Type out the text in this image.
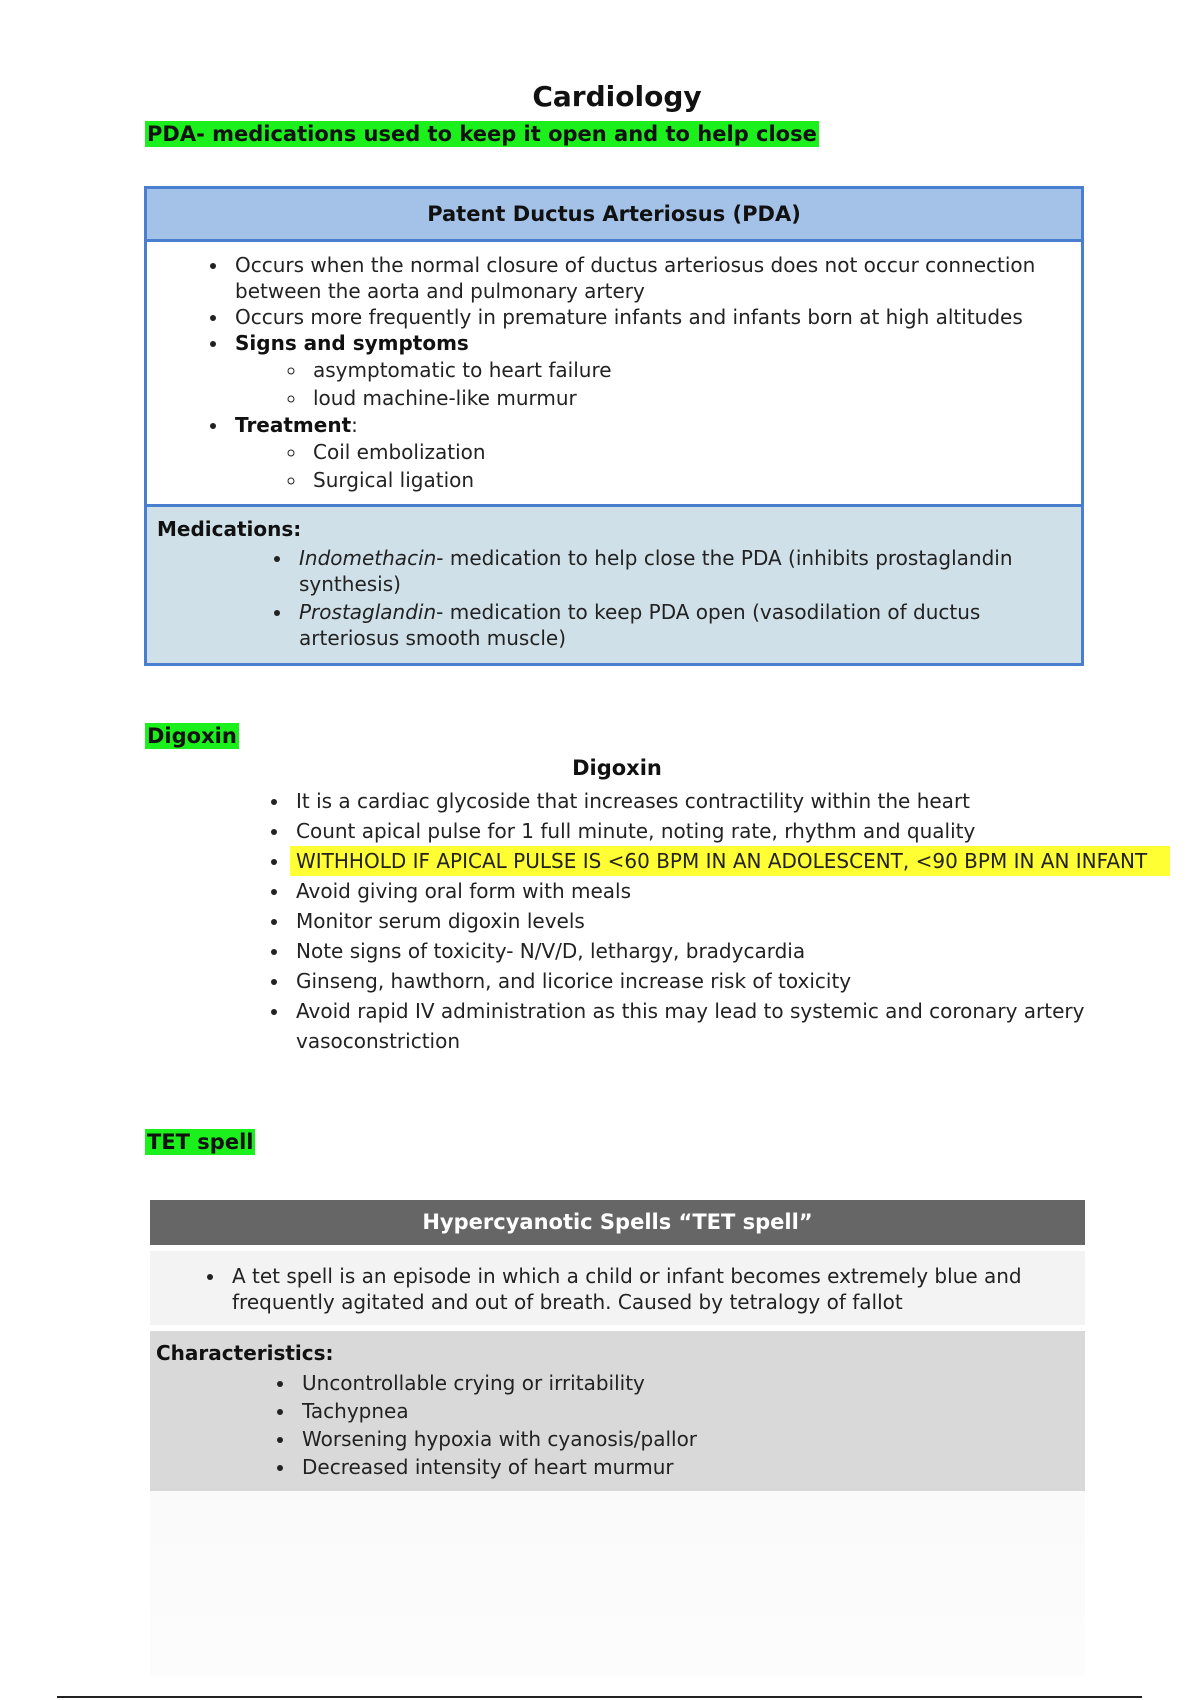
Cardiology
PDA- medications used to keep it open and to help close
Patent Ductus Arteriosus (PDA)
• Occurs when the normal closure of ductus arteriosus does not occur connection between the aorta and pulmonary artery
• Occurs more frequently in premature infants and infants born at high altitudes
• Signs and symptoms
◦ asymptomatic to heart failure
◦ loud machine-like murmur
• Treatment:
◦ Coil embolization
◦ Surgical ligation
Medications:
• Indomethacin- medication to help close the PDA (inhibits prostaglandin synthesis)
• Prostaglandin- medication to keep PDA open (vasodilation of ductus arteriosus smooth muscle)
Digoxin
Digoxin
• It is a cardiac glycoside that increases contractility within the heart
• Count apical pulse for 1 full minute, noting rate, rhythm and quality
• WITHHOLD IF APICAL PULSE IS <60 BPM IN AN ADOLESCENT, <90 BPM IN AN INFANT
• Avoid giving oral form with meals
• Monitor serum digoxin levels
• Note signs of toxicity- N/V/D, lethargy, bradycardia
• Ginseng, hawthorn, and licorice increase risk of toxicity
• Avoid rapid IV administration as this may lead to systemic and coronary artery vasoconstriction
TET spell
Hypercyanotic Spells “TET spell”
• A tet spell is an episode in which a child or infant becomes extremely blue and frequently agitated and out of breath. Caused by tetralogy of fallot
Characteristics:
• Uncontrollable crying or irritability
• Tachypnea
• Worsening hypoxia with cyanosis/pallor
• Decreased intensity of heart murmur
